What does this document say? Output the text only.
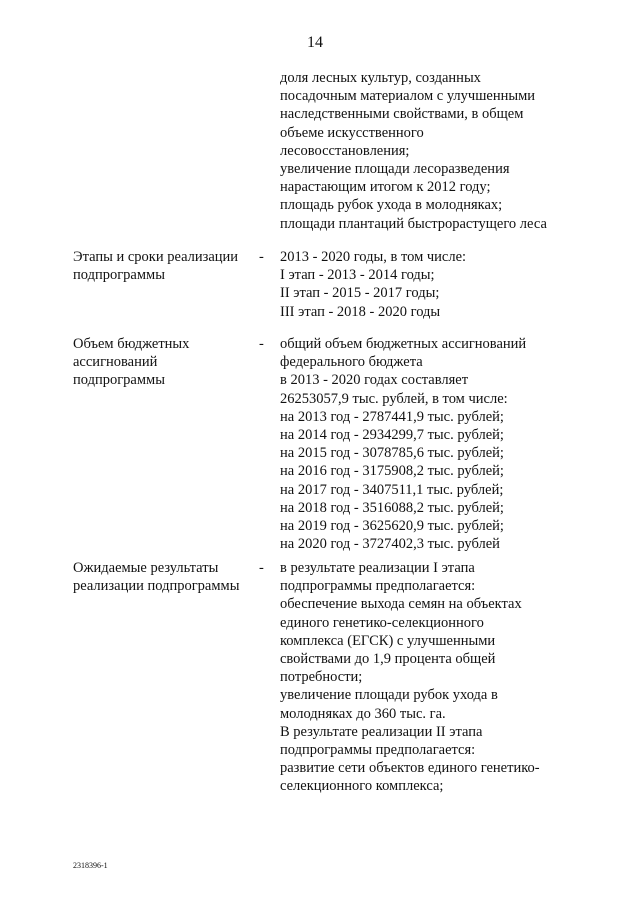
14
доля лесных культур, созданных
посадочным материалом с улучшенными
наследственными свойствами, в общем
объеме искусственного
лесовосстановления;
увеличение площади лесоразведения
нарастающим итогом к 2012 году;
площадь рубок ухода в молодняках;
площади плантаций быстрорастущего леса
Этапы и сроки реализации
подпрограммы
- 2013 - 2020 годы, в том числе:
I этап - 2013 - 2014 годы;
II этап - 2015 - 2017 годы;
III этап - 2018 - 2020 годы
Объем бюджетных
ассигнований
подпрограммы
- общий объем бюджетных ассигнований
федерального бюджета
в 2013 - 2020 годах составляет
26253057,9 тыс. рублей, в том числе:
на 2013 год - 2787441,9 тыс. рублей;
на 2014 год - 2934299,7 тыс. рублей;
на 2015 год - 3078785,6 тыс. рублей;
на 2016 год - 3175908,2 тыс. рублей;
на 2017 год - 3407511,1 тыс. рублей;
на 2018 год - 3516088,2 тыс. рублей;
на 2019 год - 3625620,9 тыс. рублей;
на 2020 год - 3727402,3 тыс. рублей
Ожидаемые результаты
реализации подпрограммы
- в результате реализации I этапа
подпрограммы предполагается:
обеспечение выхода семян на объектах
единого генетико-селекционного
комплекса (ЕГСК) с улучшенными
свойствами до 1,9 процента общей
потребности;
увеличение площади рубок ухода в
молодняках до 360 тыс. га.
В результате реализации II этапа
подпрограммы предполагается:
развитие сети объектов единого генетико-
селекционного комплекса;
2318396-1
